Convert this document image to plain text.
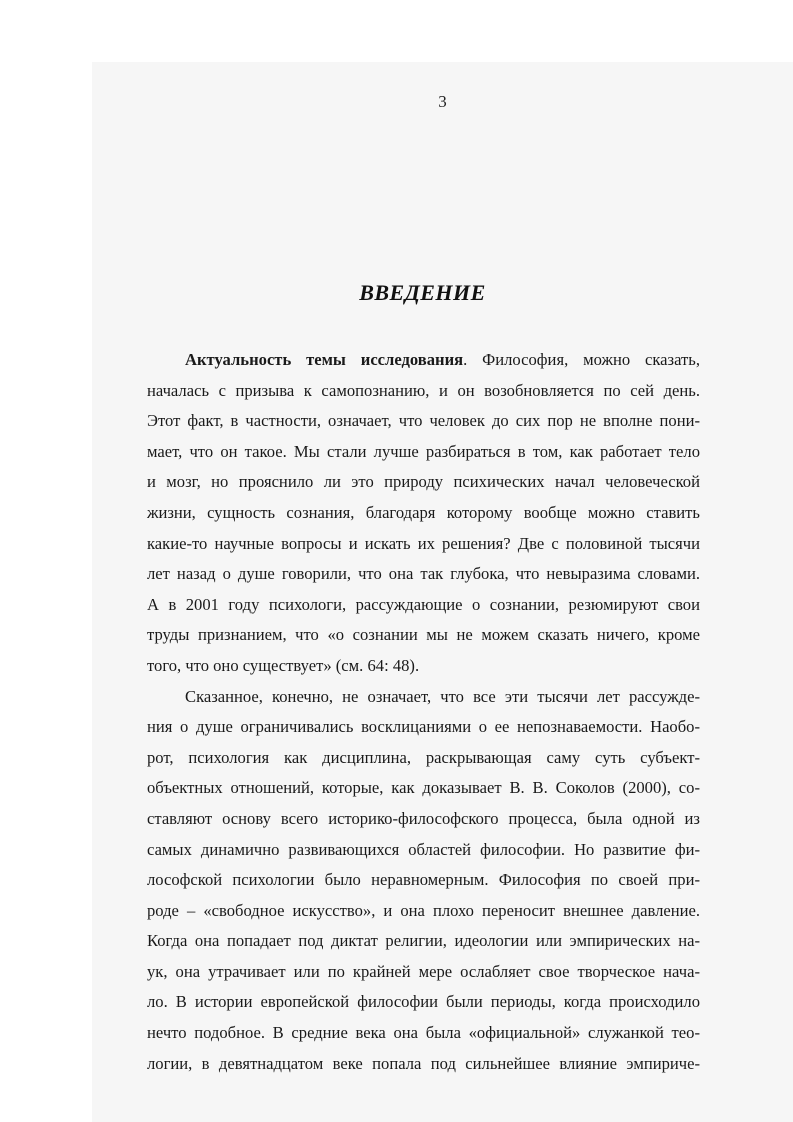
3
ВВЕДЕНИЕ
Актуальность темы исследования. Философия, можно сказать,
началась с призыва к самопознанию, и он возобновляется по сей день.
Этот факт, в частности, означает, что человек до сих пор не вполне пони-
мает, что он такое. Мы стали лучше разбираться в том, как работает тело
и мозг, но прояснило ли это природу психических начал человеческой
жизни, сущность сознания, благодаря которому вообще можно ставить
какие-то научные вопросы и искать их решения? Две с половиной тысячи
лет назад о душе говорили, что она так глубока, что невыразима словами.
А в 2001 году психологи, рассуждающие о сознании, резюмируют свои
труды признанием, что «о сознании мы не можем сказать ничего, кроме
того, что оно существует» (см. 64: 48).
Сказанное, конечно, не означает, что все эти тысячи лет рассужде-
ния о душе ограничивались восклицаниями о ее непознаваемости. Наобо-
рот, психология как дисциплина, раскрывающая саму суть субъект-
объектных отношений, которые, как доказывает В. В. Соколов (2000), со-
ставляют основу всего историко-философского процесса, была одной из
самых динамично развивающихся областей философии. Но развитие фи-
лософской психологии было неравномерным. Философия по своей при-
роде – «свободное искусство», и она плохо переносит внешнее давление.
Когда она попадает под диктат религии, идеологии или эмпирических на-
ук, она утрачивает или по крайней мере ослабляет свое творческое нача-
ло. В истории европейской философии были периоды, когда происходило
нечто подобное. В средние века она была «официальной» служанкой тео-
логии, в девятнадцатом веке попала под сильнейшее влияние эмпириче-
